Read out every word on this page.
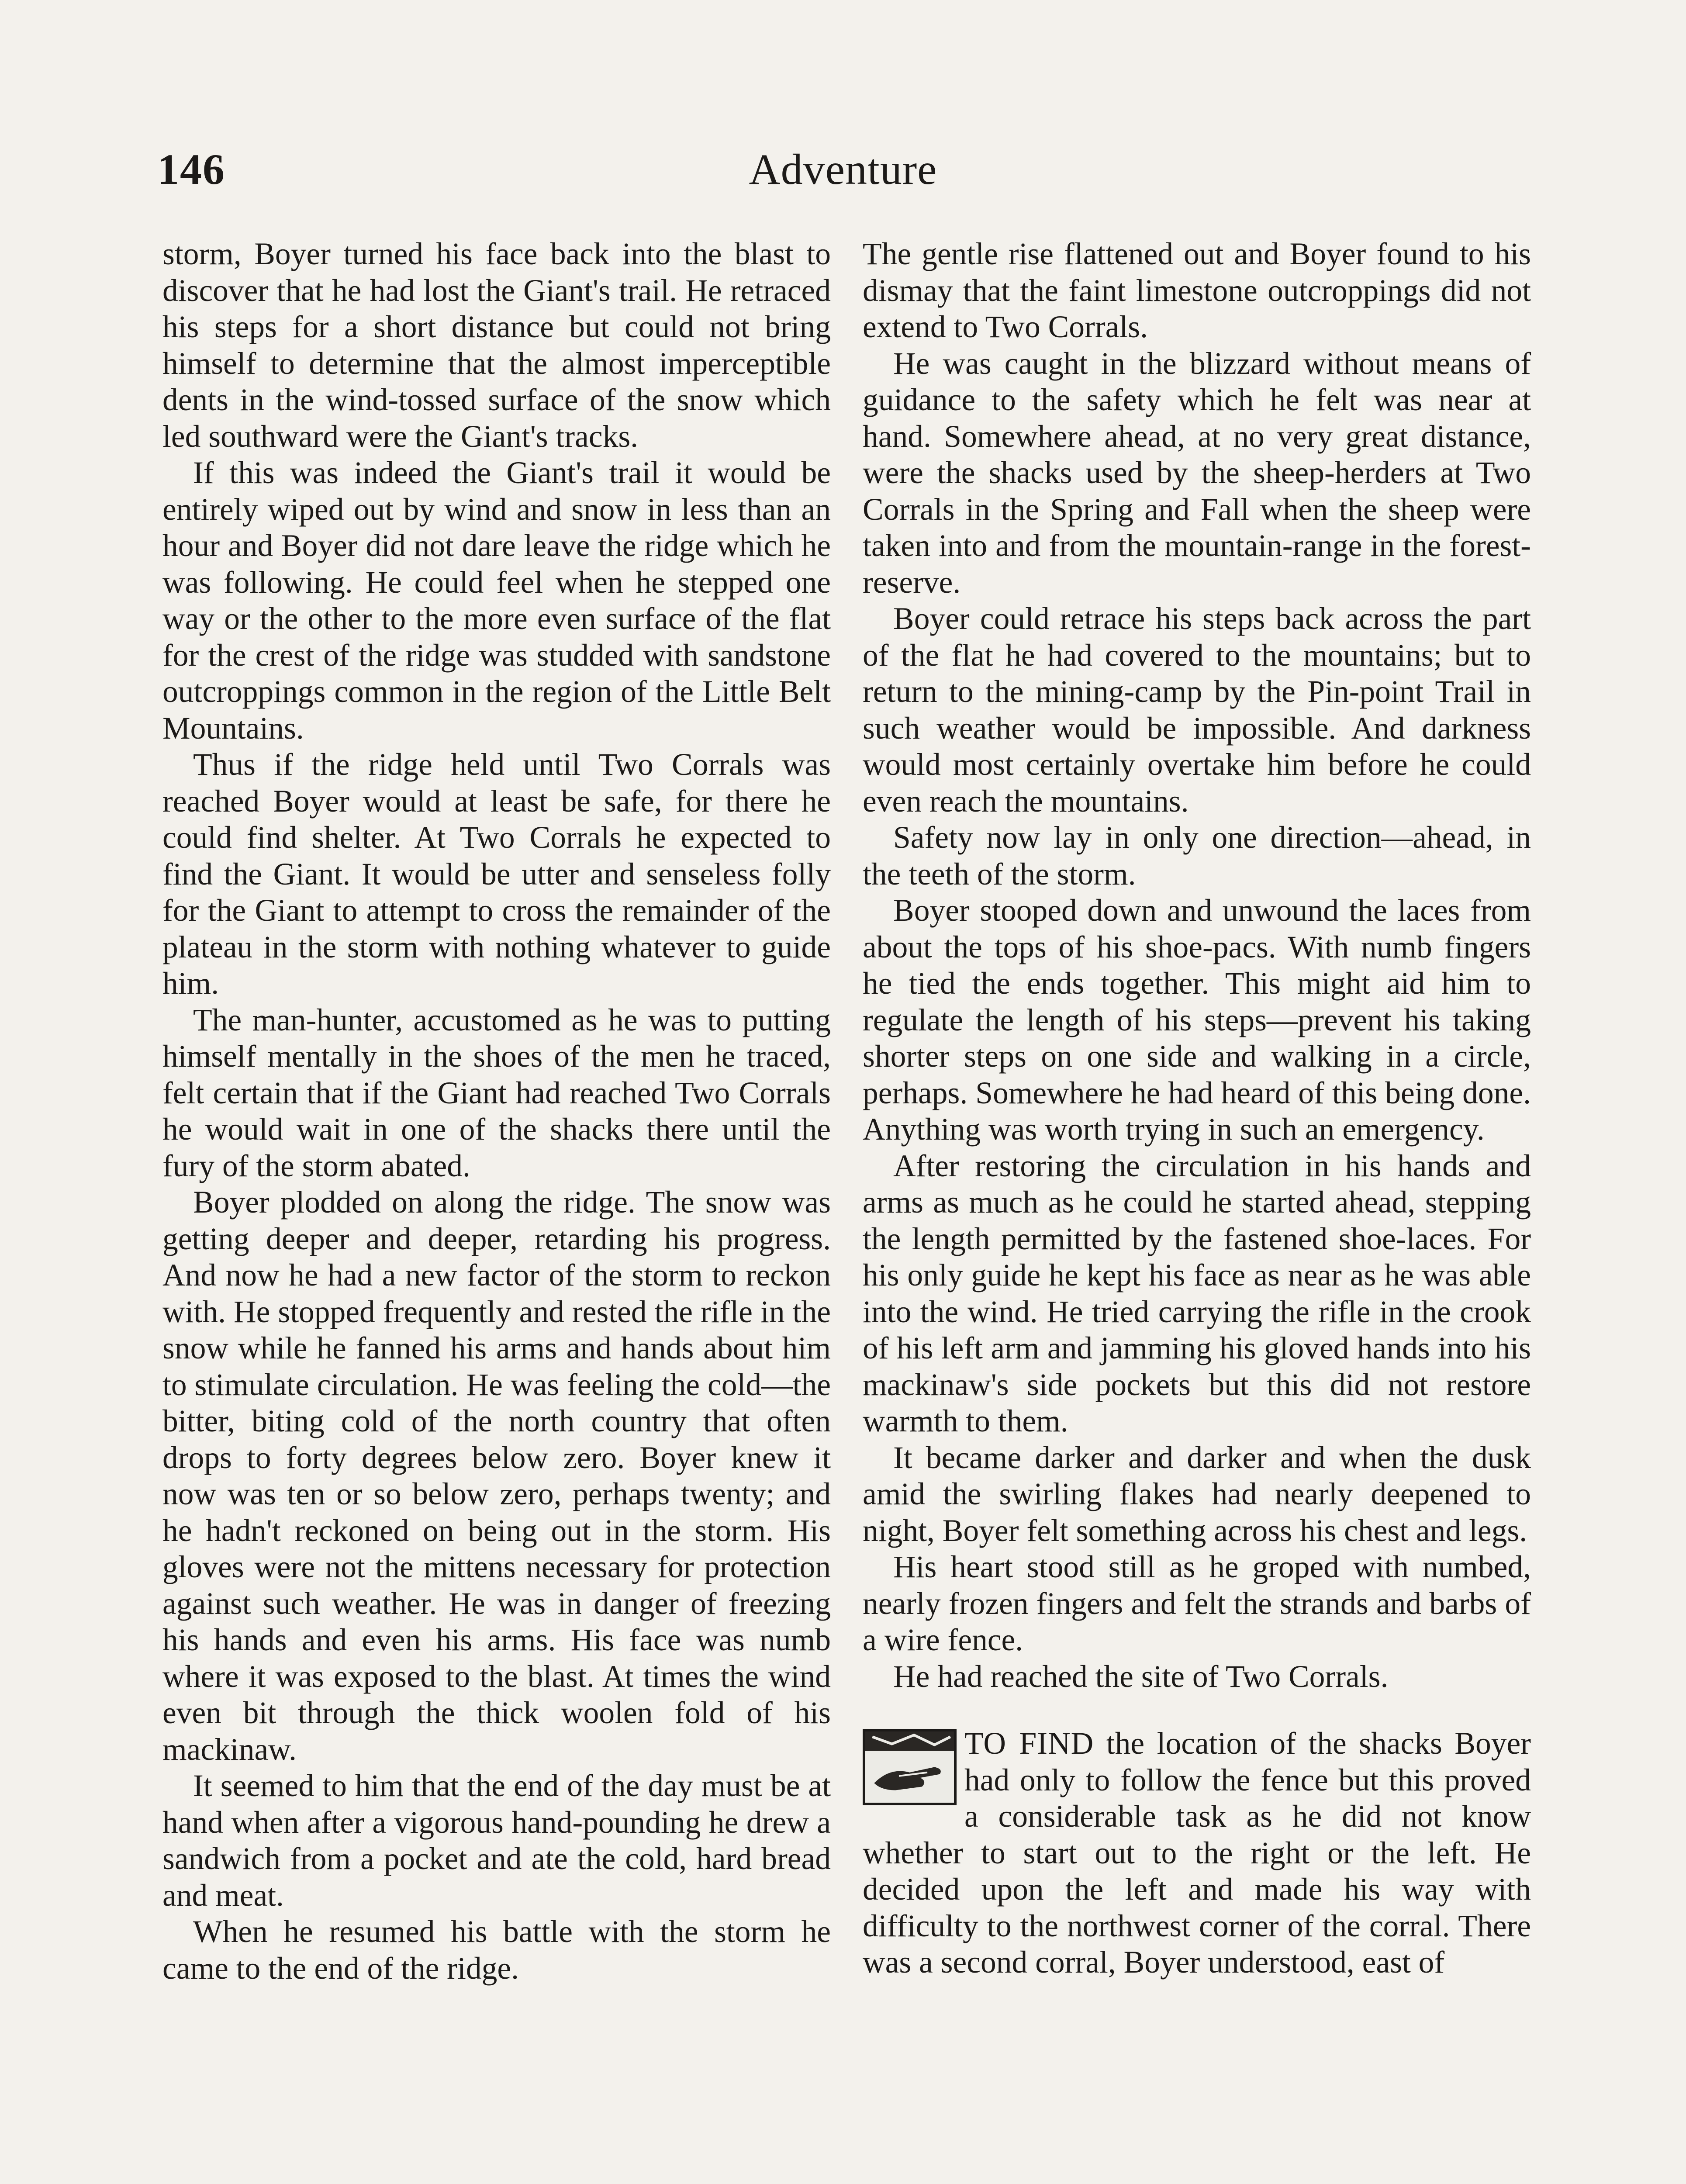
146	Adventure

storm, Boyer turned his face back into the blast to discover that he had lost the Giant's trail. He retraced his steps for a short distance but could not bring himself to determine that the almost imperceptible dents in the wind-tossed surface of the snow which led southward were the Giant's tracks.

If this was indeed the Giant's trail it would be entirely wiped out by wind and snow in less than an hour and Boyer did not dare leave the ridge which he was following. He could feel when he stepped one way or the other to the more even surface of the flat for the crest of the ridge was studded with sandstone outcroppings common in the region of the Little Belt Mountains.

Thus if the ridge held until Two Corrals was reached Boyer would at least be safe, for there he could find shelter. At Two Corrals he expected to find the Giant. It would be utter and senseless folly for the Giant to attempt to cross the remainder of the plateau in the storm with nothing whatever to guide him.

The man-hunter, accustomed as he was to putting himself mentally in the shoes of the men he traced, felt certain that if the Giant had reached Two Corrals he would wait in one of the shacks there until the fury of the storm abated.

Boyer plodded on along the ridge. The snow was getting deeper and deeper, retarding his progress. And now he had a new factor of the storm to reckon with. He stopped frequently and rested the rifle in the snow while he fanned his arms and hands about him to stimulate circulation. He was feeling the cold—the bitter, biting cold of the north country that often drops to forty degrees below zero. Boyer knew it now was ten or so below zero, perhaps twenty; and he hadn't reckoned on being out in the storm. His gloves were not the mittens necessary for protection against such weather. He was in danger of freezing his hands and even his arms. His face was numb where it was exposed to the blast. At times the wind even bit through the thick woolen fold of his mackinaw.

It seemed to him that the end of the day must be at hand when after a vigorous hand-pounding he drew a sandwich from a pocket and ate the cold, hard bread and meat.

When he resumed his battle with the storm he came to the end of the ridge.

The gentle rise flattened out and Boyer found to his dismay that the faint limestone outcroppings did not extend to Two Corrals.

He was caught in the blizzard without means of guidance to the safety which he felt was near at hand. Somewhere ahead, at no very great distance, were the shacks used by the sheep-herders at Two Corrals in the Spring and Fall when the sheep were taken into and from the mountain-range in the forest-reserve.

Boyer could retrace his steps back across the part of the flat he had covered to the mountains; but to return to the mining-camp by the Pin-point Trail in such weather would be impossible. And darkness would most certainly overtake him before he could even reach the mountains.

Safety now lay in only one direction—ahead, in the teeth of the storm.

Boyer stooped down and unwound the laces from about the tops of his shoe-pacs. With numb fingers he tied the ends together. This might aid him to regulate the length of his steps—prevent his taking shorter steps on one side and walking in a circle, perhaps. Somewhere he had heard of this being done. Anything was worth trying in such an emergency.

After restoring the circulation in his hands and arms as much as he could he started ahead, stepping the length permitted by the fastened shoe-laces. For his only guide he kept his face as near as he was able into the wind. He tried carrying the rifle in the crook of his left arm and jamming his gloved hands into his mackinaw's side pockets but this did not restore warmth to them.

It became darker and darker and when the dusk amid the swirling flakes had nearly deepened to night, Boyer felt something across his chest and legs.

His heart stood still as he groped with numbed, nearly frozen fingers and felt the strands and barbs of a wire fence.

He had reached the site of Two Corrals.

TO FIND the location of the shacks Boyer had only to follow the fence but this proved a considerable task as he did not know whether to start out to the right or the left. He decided upon the left and made his way with difficulty to the northwest corner of the corral. There was a second corral, Boyer understood, east of
